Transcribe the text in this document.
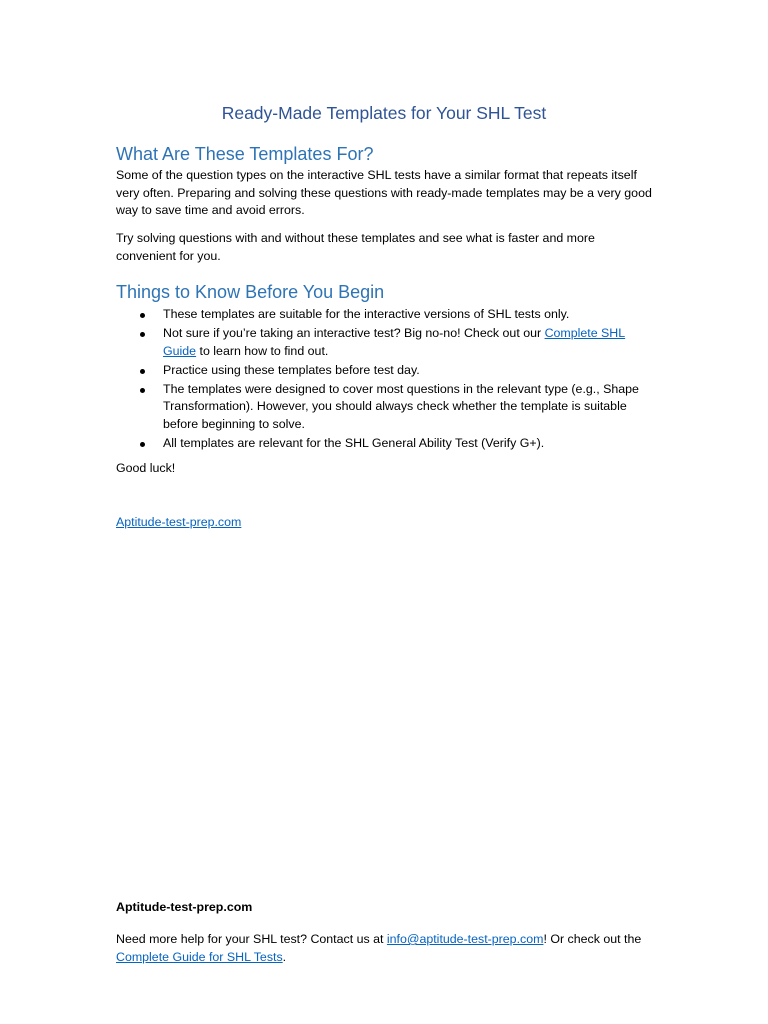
Ready-Made Templates for Your SHL Test
What Are These Templates For?

Some of the question types on the interactive SHL tests have a similar format that repeats itself very often. Preparing and solving these questions with ready-made templates may be a very good way to save time and avoid errors.

Try solving questions with and without these templates and see what is faster and more convenient for you.

Things to Know Before You Begin
These templates are suitable for the interactive versions of SHL tests only.
Not sure if you’re taking an interactive test? Big no-no! Check out our Complete SHL Guide to learn how to find out.
Practice using these templates before test day.
The templates were designed to cover most questions in the relevant type (e.g., Shape Transformation). However, you should always check whether the template is suitable before beginning to solve.
All templates are relevant for the SHL General Ability Test (Verify G+).

Good luck!

Aptitude-test-prep.com

Aptitude-test-prep.com

Need more help for your SHL test? Contact us at info@aptitude-test-prep.com! Or check out the Complete Guide for SHL Tests.
